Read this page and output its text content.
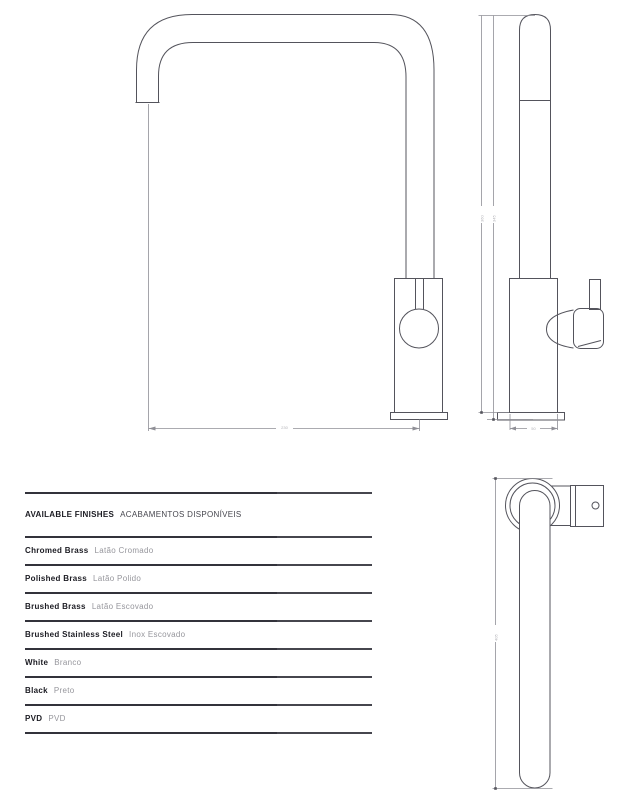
230
360 345
50
405
AVAILABLE FINISHES ACABAMENTOS DISPONÍVEIS
Chromed Brass Latão Cromado
Polished Brass Latão Polido
Brushed Brass Latão Escovado
Brushed Stainless Steel Inox Escovado
White Branco
Black Preto
PVD PVD
